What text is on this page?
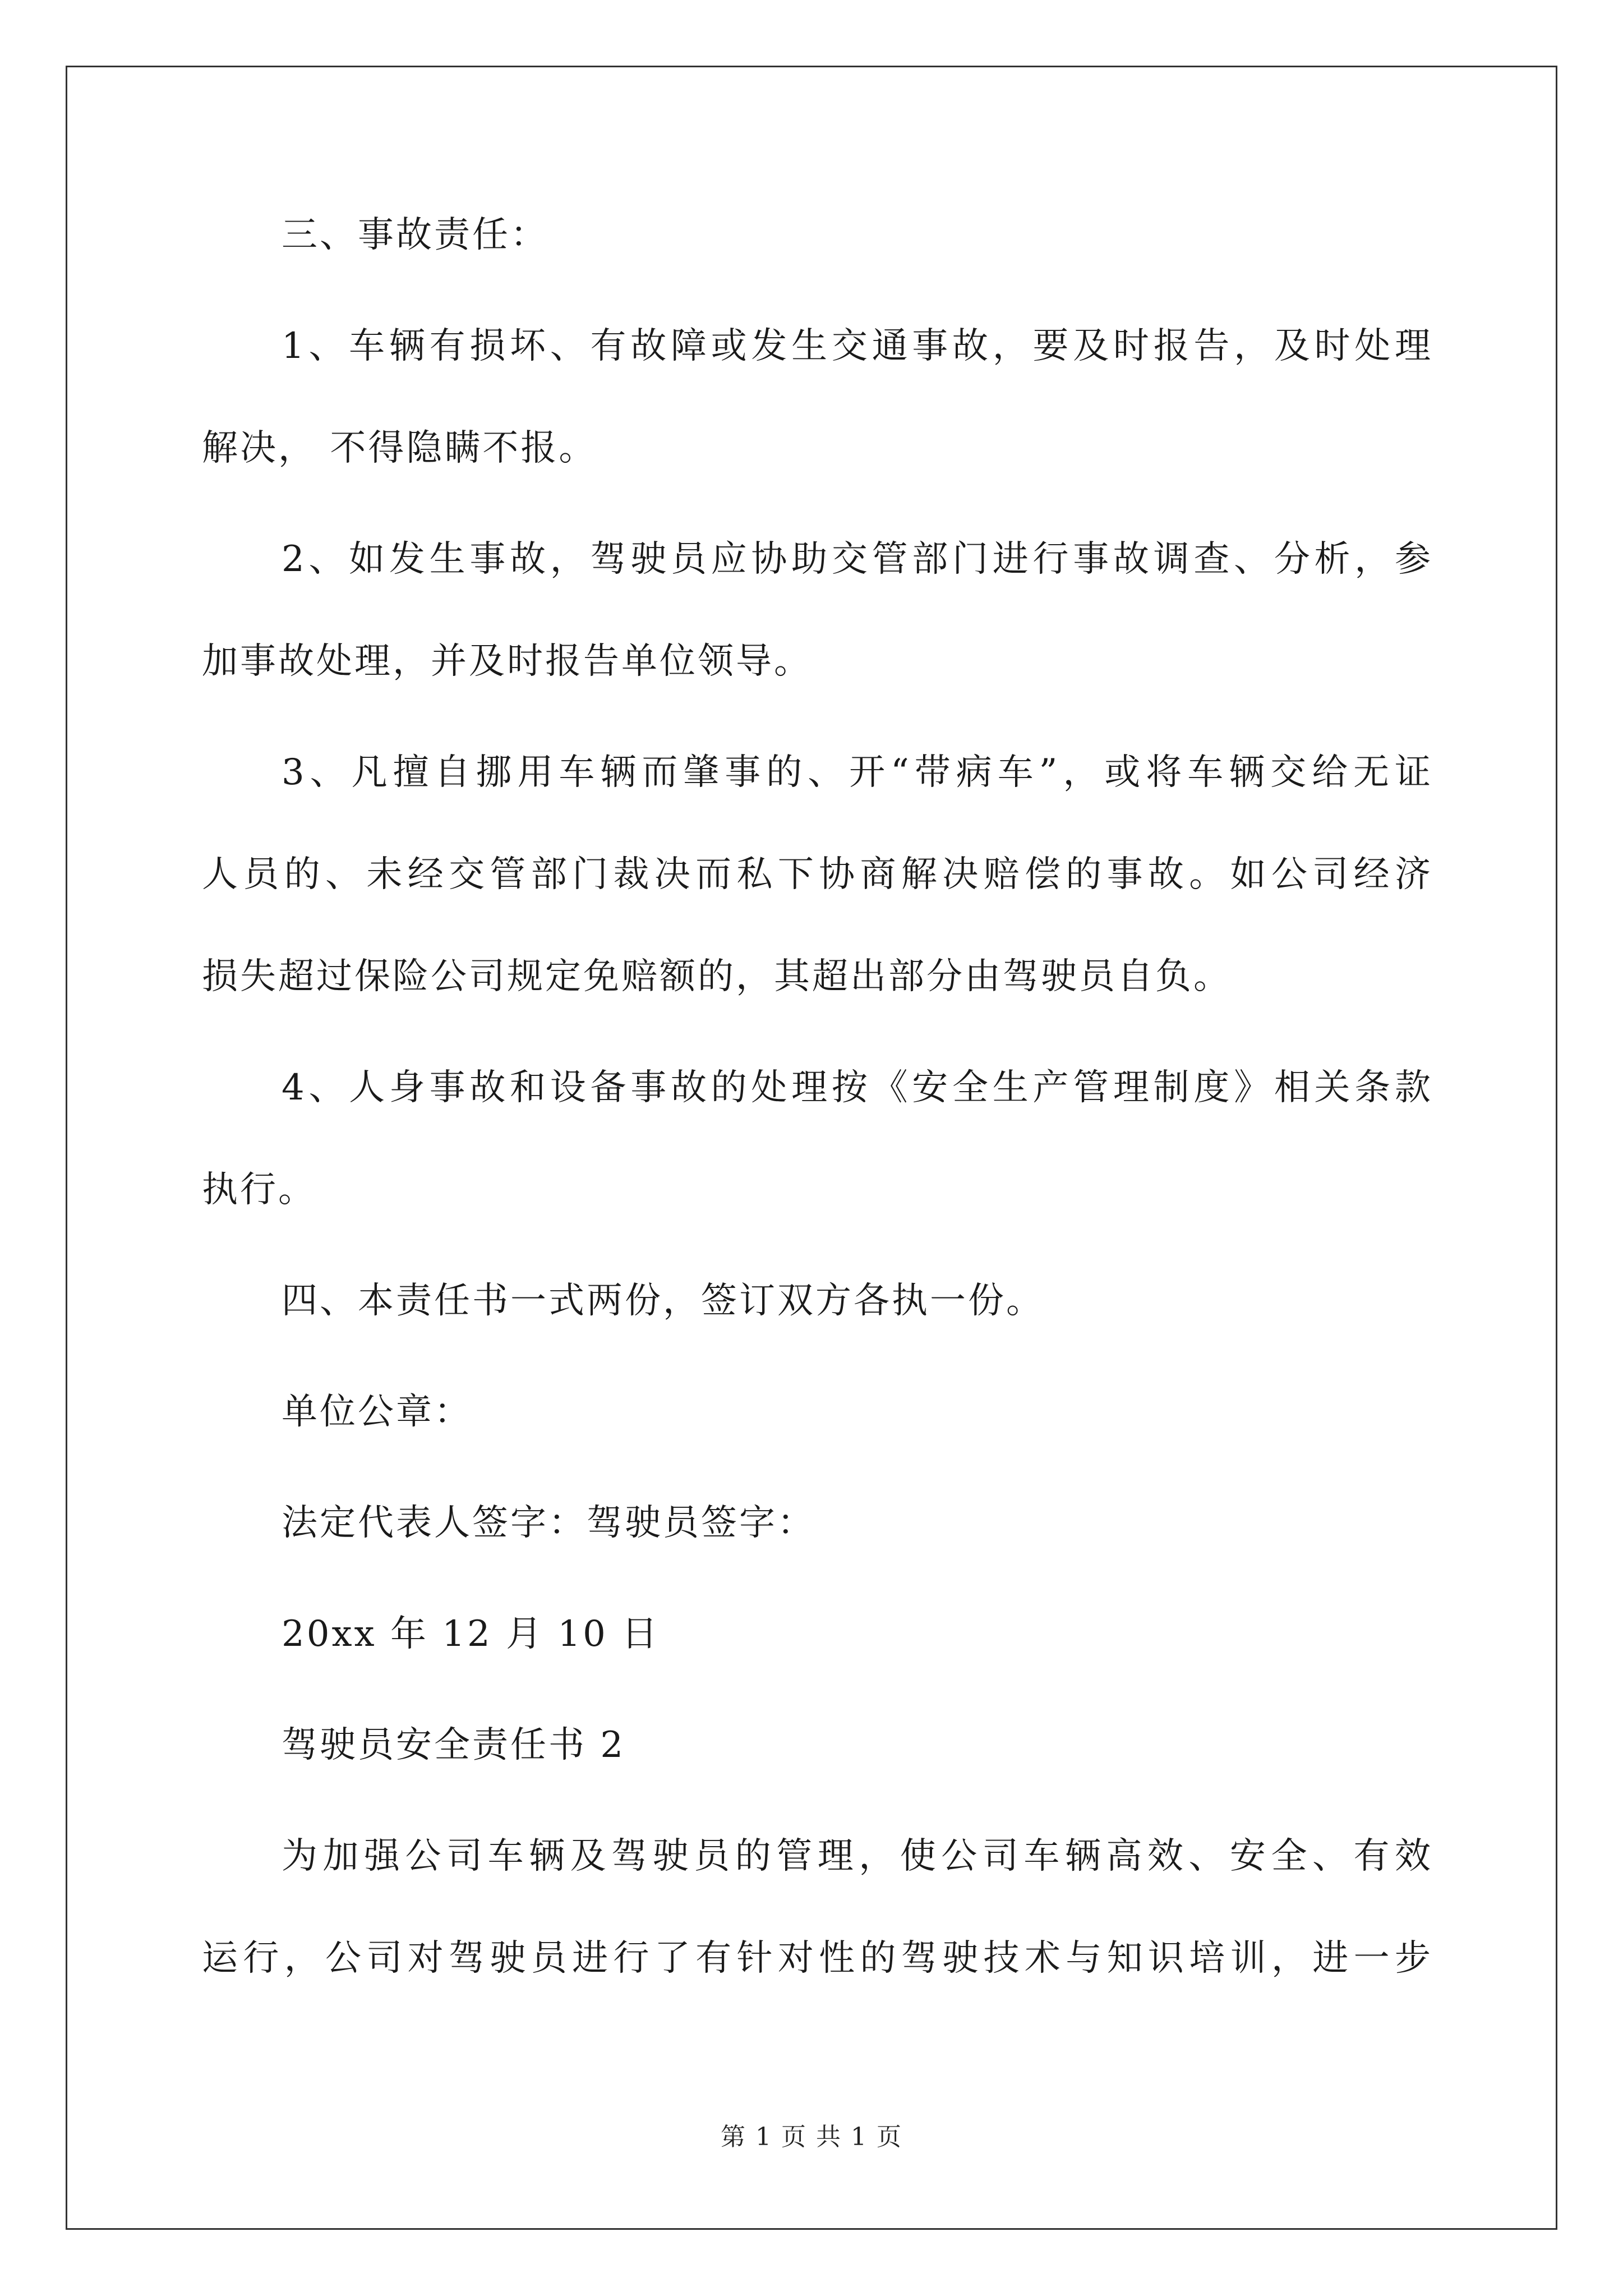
三、事故责任：

1、车辆有损坏、有故障或发生交通事故，要及时报告，及时处理

解决， 不得隐瞒不报。

2、如发生事故，驾驶员应协助交管部门进行事故调查、分析，参

加事故处理，并及时报告单位领导。

3、凡擅自挪用车辆而肇事的、开“带病车”，或将车辆交给无证

人员的、未经交管部门裁决而私下协商解决赔偿的事故。如公司经济

损失超过保险公司规定免赔额的，其超出部分由驾驶员自负。

4、人身事故和设备事故的处理按《安全生产管理制度》相关条款

执行。

四、本责任书一式两份，签订双方各执一份。

单位公章：

法定代表人签字：驾驶员签字：

20xx 年 12 月 10 日

驾驶员安全责任书 2

为加强公司车辆及驾驶员的管理，使公司车辆高效、安全、有效

运行，公司对驾驶员进行了有针对性的驾驶技术与知识培训，进一步

第 1 页 共 1 页
